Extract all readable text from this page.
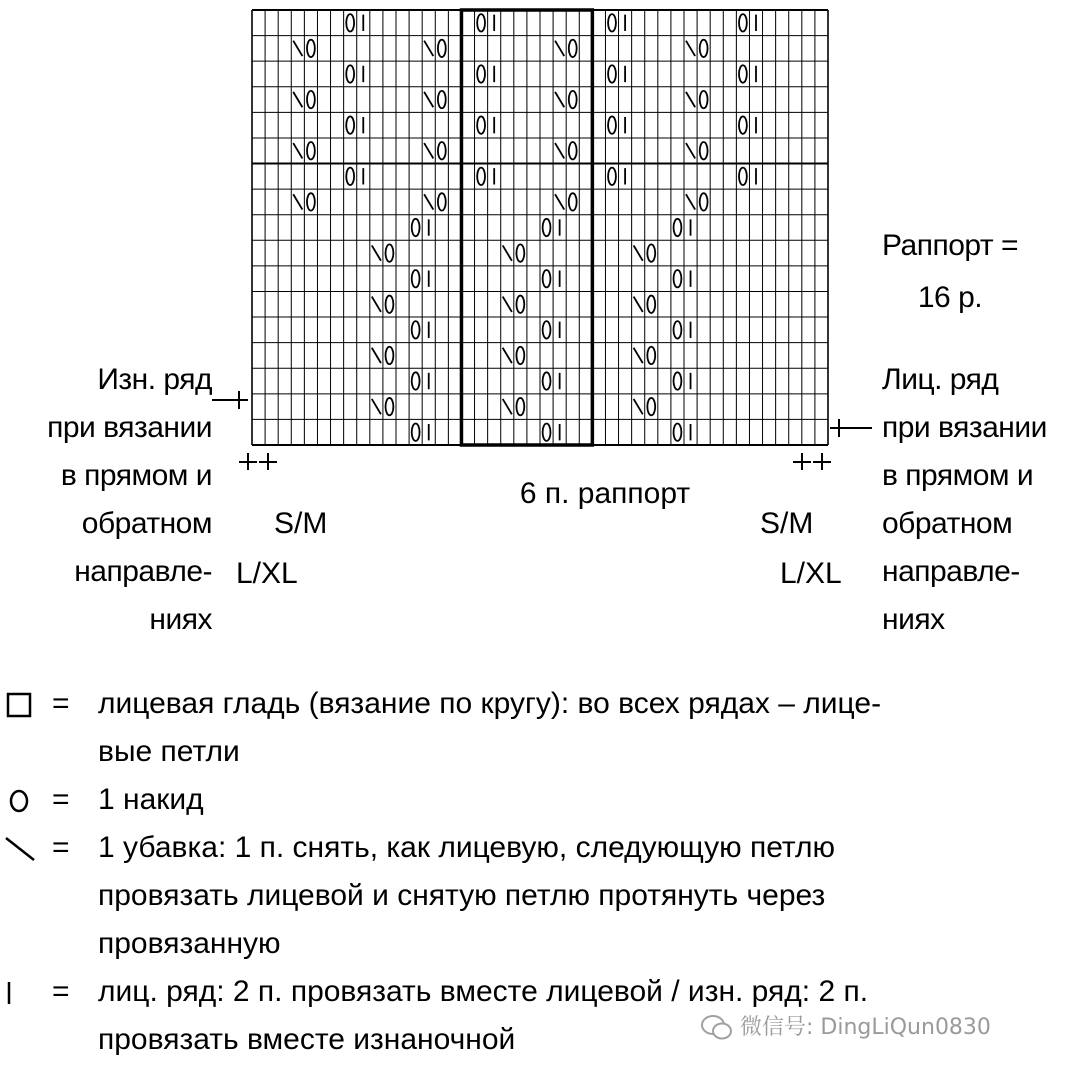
Изн. ряд
при вязании
в прямом и
обратном
направле-
ниях
Лиц. ряд
при вязании
в прямом и
обратном
направле-
ниях
Раппорт =
16 р.
6 п. раппорт
S/M
L/XL
S/M
L/XL
= лицевая гладь (вязание по кругу): во всех рядах – лице-
вые петли
= 1 накид
= 1 убавка: 1 п. снять, как лицевую, следующую петлю
провязать лицевой и снятую петлю протянуть через
провязанную
= лиц. ряд: 2 п. провязать вместе лицевой / изн. ряд: 2 п.
провязать вместе изнаночной	微信号: DingLiQun0830
